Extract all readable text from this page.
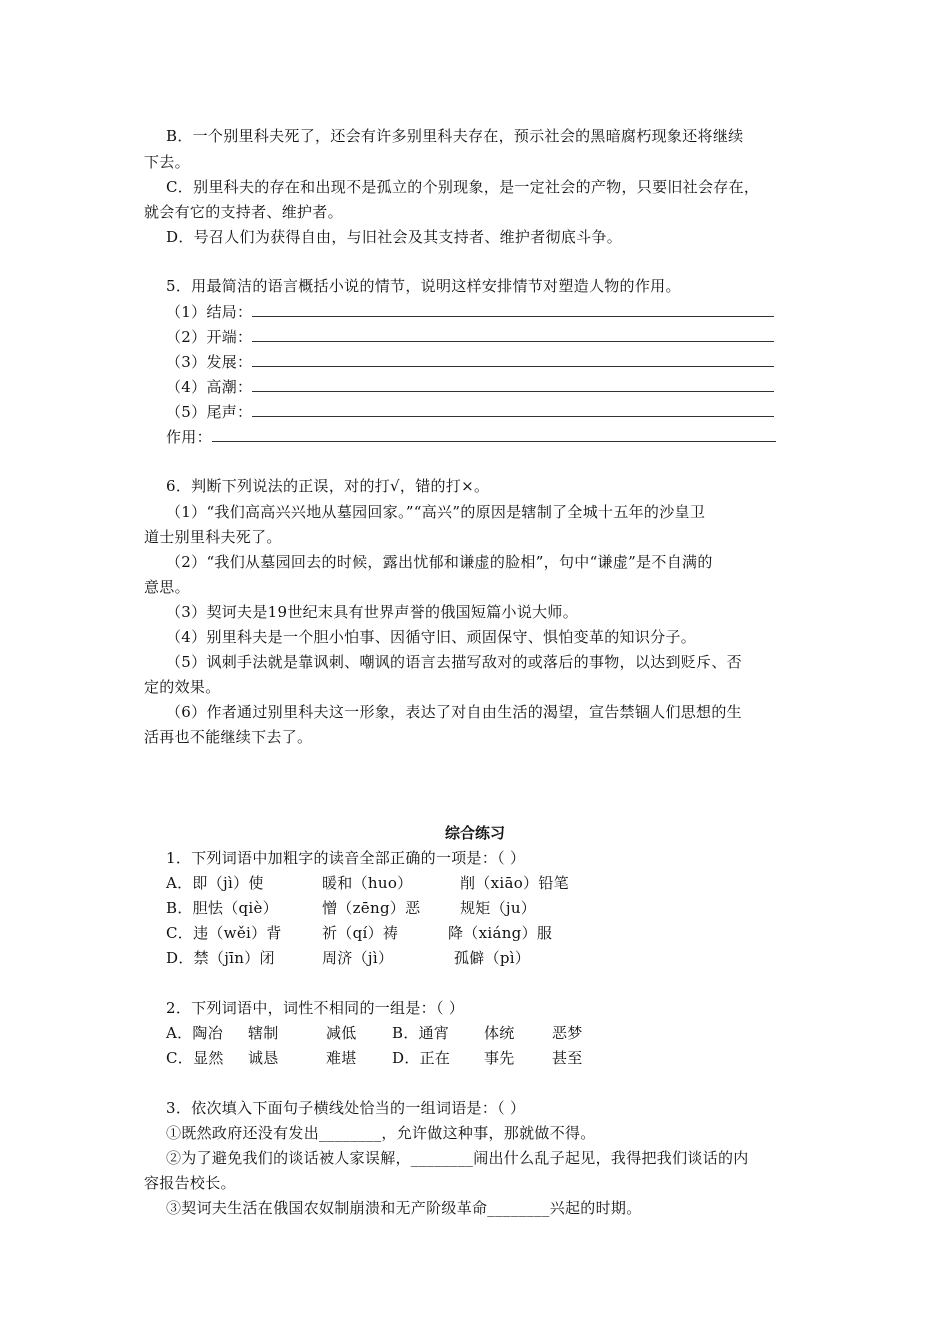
B．一个别里科夫死了，还会有许多别里科夫存在，预示社会的黑暗腐朽现象还将继续
下去。
C．别里科夫的存在和出现不是孤立的个别现象，是一定社会的产物，只要旧社会存在，
就会有它的支持者、维护者。
D．号召人们为获得自由，与旧社会及其支持者、维护者彻底斗争。
5．用最简洁的语言概括小说的情节，说明这样安排情节对塑造人物的作用。
（1）结局：
（2）开端：
（3）发展：
（4）高潮：
（5）尾声：
作用：
6．判断下列说法的正误，对的打√，错的打×。
（1）“我们高高兴兴地从墓园回家。”“高兴”的原因是辖制了全城十五年的沙皇卫
道士别里科夫死了。
（2）“我们从墓园回去的时候，露出忧郁和谦虚的脸相”，句中“谦虚”是不自满的
意思。
（3）契诃夫是19世纪末具有世界声誉的俄国短篇小说大师。
（4）别里科夫是一个胆小怕事、因循守旧、顽固保守、惧怕变革的知识分子。
（5）讽刺手法就是靠讽刺、嘲讽的语言去描写敌对的或落后的事物，以达到贬斥、否
定的效果。
（6）作者通过别里科夫这一形象，表达了对自由生活的渴望，宣告禁锢人们思想的生
活再也不能继续下去了。
综合练习
1．下列词语中加粗字的读音全部正确的一项是：（ ）
A．即（jì）使	暖和（huo）	削（xiāo）铅笔
B．胆怯（qiè）	憎（zēng）恶	规矩（ju）
C．违（wěi）背	祈（qí）祷	降（xiáng）服
D．禁（jīn）闭	周济（jì）	孤僻（pì）
2．下列词语中，词性不相同的一组是：（ ）
A．陶冶 辖制	减低 B．通宵 体统 恶梦
C．显然 诚恳	难堪 D．正在 事先 甚至
3．依次填入下面句子横线处恰当的一组词语是：（ ）
①既然政府还没有发出________，允许做这种事，那就做不得。
②为了避免我们的谈话被人家误解，________闹出什么乱子起见，我得把我们谈话的内
容报告校长。
③契诃夫生活在俄国农奴制崩溃和无产阶级革命________兴起的时期。
